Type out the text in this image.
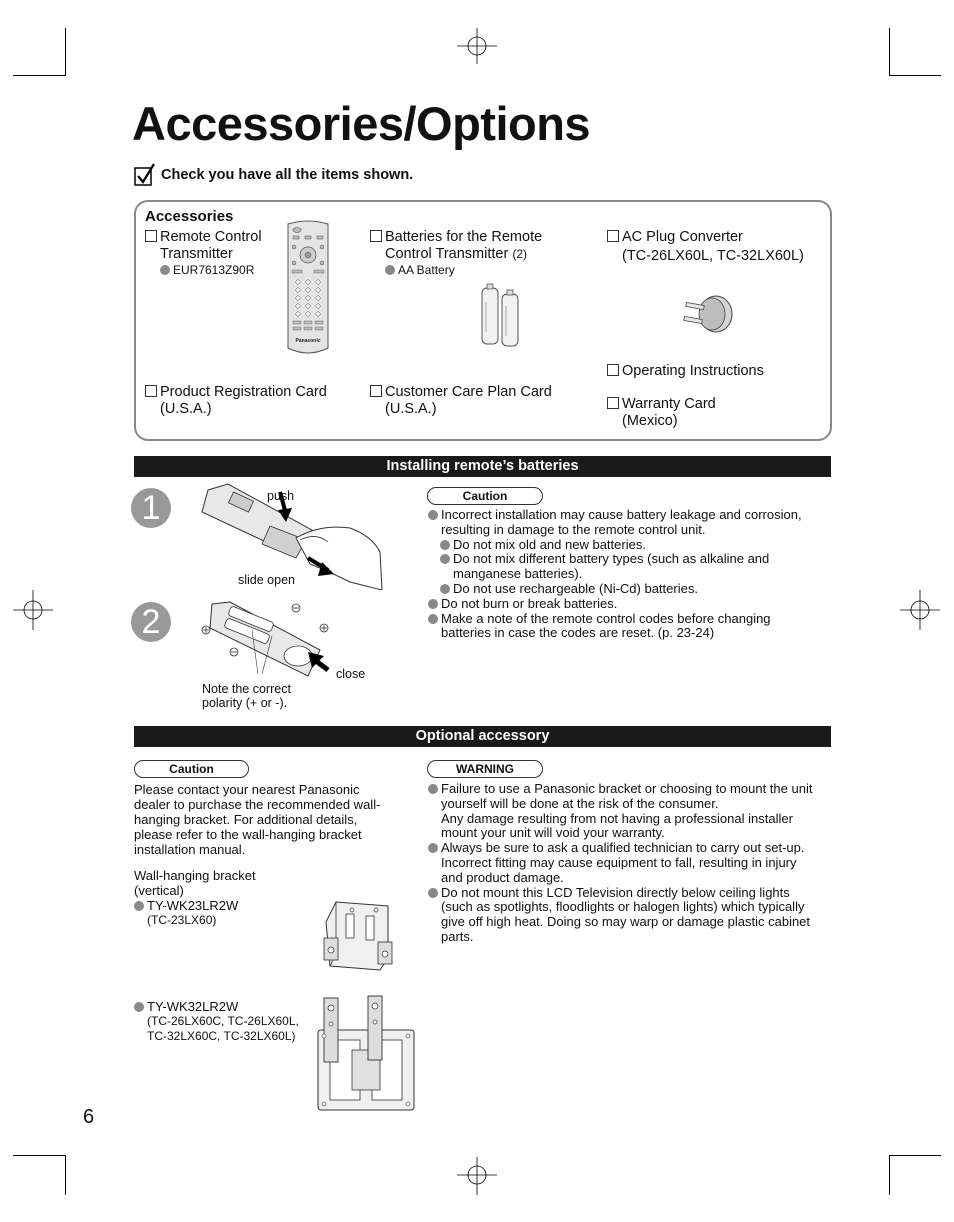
Accessories/Options
Check you have all the items shown.
Accessories
Remote Control
Transmitter
EUR7613Z90R
Panasonic
Batteries for the Remote
Control Transmitter (2)
AA Battery
AC Plug Converter
(TC-26LX60L, TC-32LX60L)
Operating Instructions
Warranty Card
(Mexico)
Product Registration Card
(U.S.A.)
Customer Care Plan Card
(U.S.A.)
Installing remote’s batteries
1
2
push
slide open
close
Note the correct
polarity (+ or -).
Caution
Incorrect installation may cause battery leakage and corrosion,
resulting in damage to the remote control unit.
Do not mix old and new batteries.
Do not mix different battery types (such as alkaline and
manganese batteries).
Do not use rechargeable (Ni-Cd) batteries.
Do not burn or break batteries.
Make a note of the remote control codes before changing
batteries in case the codes are reset. (p. 23-24)
Optional accessory
Caution
Please contact your nearest Panasonic
dealer to purchase the recommended wall-
hanging bracket. For additional details,
please refer to the wall-hanging bracket
installation manual.
Wall-hanging bracket
(vertical)
TY-WK23LR2W
(TC-23LX60)
TY-WK32LR2W
(TC-26LX60C, TC-26LX60L,
TC-32LX60C, TC-32LX60L)
WARNING
Failure to use a Panasonic bracket or choosing to mount the unit
yourself will be done at the risk of the consumer.
Any damage resulting from not having a professional installer
mount your unit will void your warranty.
Always be sure to ask a qualified technician to carry out set-up.
Incorrect fitting may cause equipment to fall, resulting in injury
and product damage.
Do not mount this LCD Television directly below ceiling lights
(such as spotlights, floodlights or halogen lights) which typically
give off high heat. Doing so may warp or damage plastic cabinet
parts.
6
